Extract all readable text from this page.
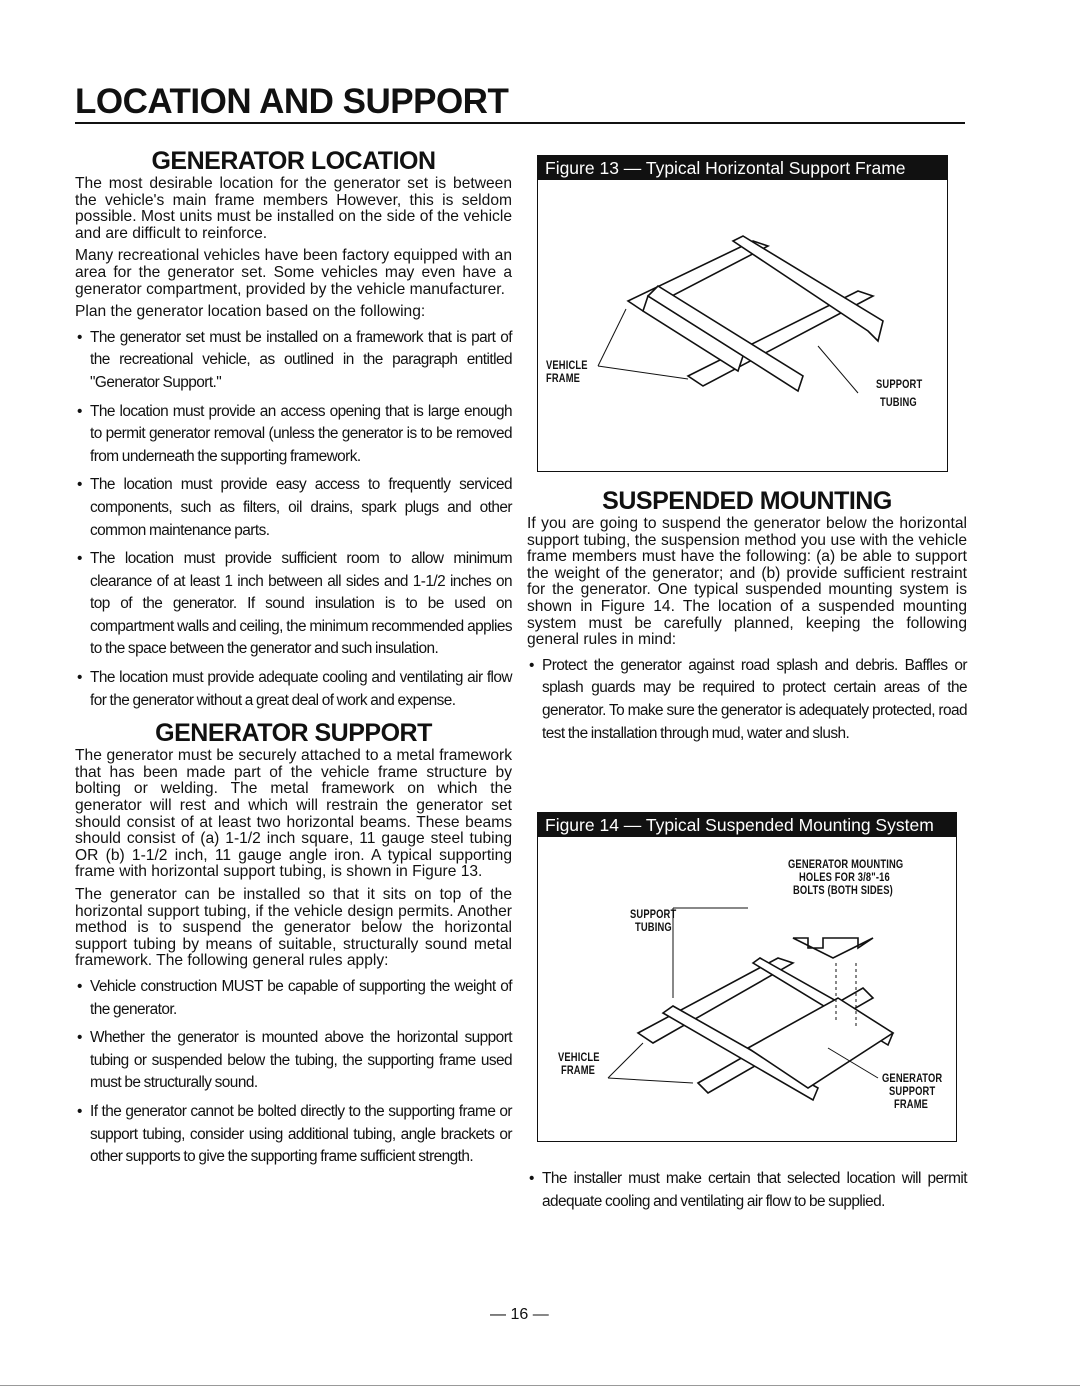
LOCATION AND SUPPORT
GENERATOR LOCATION

The most desirable location for the generator set is between the vehicle's main frame members However, this is seldom possible. Most units must be installed on the side of the vehicle and are difficult to reinforce.

Many recreational vehicles have been factory equipped with an area for the generator set. Some vehicles may even have a generator compartment, provided by the vehicle manufacturer.

Plan the generator location based on the following:

• The generator set must be installed on a framework that is part of the recreational vehicle, as outlined in the paragraph entitled "Generator Support."
• The location must provide an access opening that is large enough to permit generator removal (unless the generator is to be removed from underneath the supporting framework.
• The location must provide easy access to frequently serviced components, such as filters, oil drains, spark plugs and other common maintenance parts.
• The location must provide sufficient room to allow minimum clearance of at least 1 inch between all sides and 1-1/2 inches on top of the generator. If sound insulation is to be used on compartment walls and ceiling, the minimum recommended applies to the space between the generator and such insulation.
• The location must provide adequate cooling and ventilating air flow for the generator without a great deal of work and expense.
GENERATOR SUPPORT

The generator must be securely attached to a metal framework that has been made part of the vehicle frame structure by bolting or welding. The metal framework on which the generator will rest and which will restrain the generator set should consist of at least two horizontal beams. These beams should consist of (a) 1-1/2 inch square, 11 gauge steel tubing OR (b) 1-1/2 inch, 11 gauge angle iron. A typical supporting frame with horizontal support tubing, is shown in Figure 13.

The generator can be installed so that it sits on top of the horizontal support tubing, if the vehicle design permits. Another method is to suspend the generator below the horizontal support tubing by means of suitable, structurally sound metal framework. The following general rules apply:

• Vehicle construction MUST be capable of supporting the weight of the generator.
• Whether the generator is mounted above the horizontal support tubing or suspended below the tubing, the supporting frame used must be structurally sound.
• If the generator cannot be bolted directly to the supporting frame or support tubing, consider using additional tubing, angle brackets or other supports to give the supporting frame sufficient strength.
Figure 13 — Typical Horizontal Support Frame
VEHICLE
FRAME	SUPPORT
TUBING
SUSPENDED MOUNTING

If you are going to suspend the generator below the horizontal support tubing, the suspension method you use with the vehicle frame members must have the following: (a) be able to support the weight of the generator; and (b) provide sufficient restraint for the generator. One typical suspended mounting system is shown in Figure 14. The location of a suspended mounting system must be carefully planned, keeping the following general rules in mind:

• Protect the generator against road splash and debris. Baffles or splash guards may be required to protect certain areas of the generator. To make sure the generator is adequately protected, road test the installation through mud, water and slush.
Figure 14 — Typical Suspended Mounting System
GENERATOR MOUNTING
HOLES FOR 3/8"-16
BOLTS (BOTH SIDES)
SUPPORT
TUBING
VEHICLE
FRAME
GENERATOR
SUPPORT
FRAME
• The installer must make certain that selected location will permit adequate cooling and ventilating air flow to be supplied.
— 16 —
